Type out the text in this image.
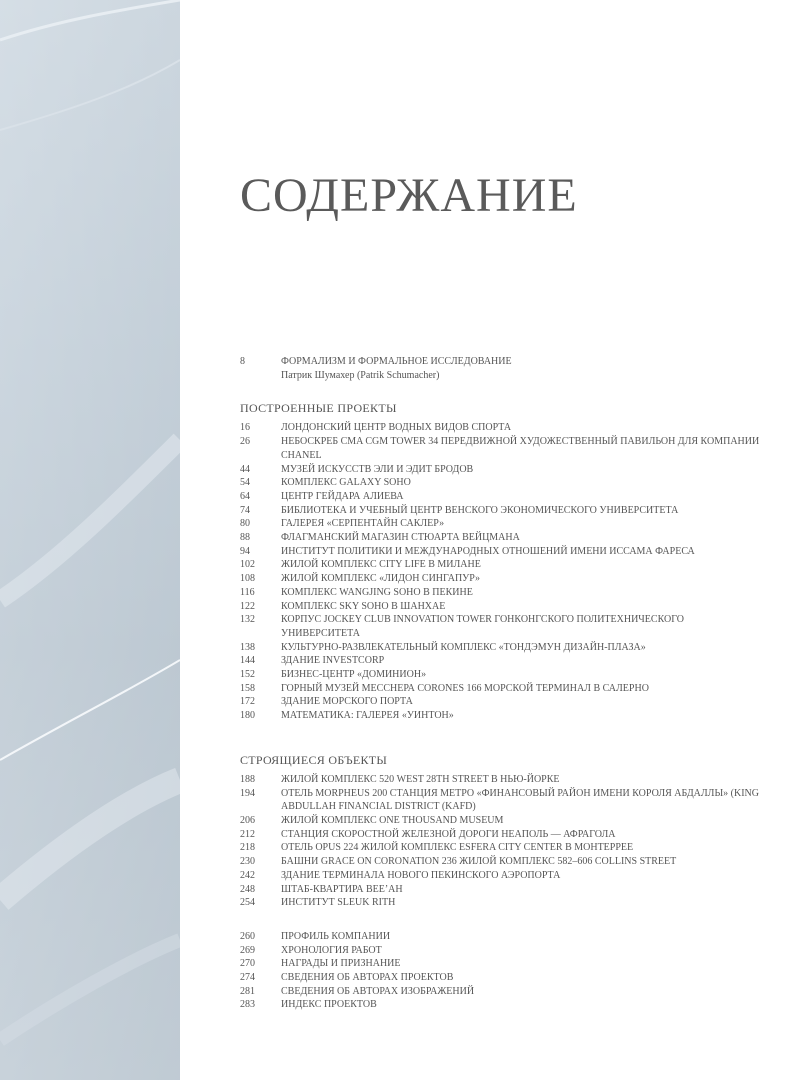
СОДЕРЖАНИЕ
8	ФОРМАЛИЗМ И ФОРМАЛЬНОЕ ИССЛЕДОВАНИЕ
Патрик Шумахер (Patrik Schumacher)
ПОСТРОЕННЫЕ ПРОЕКТЫ
16	ЛОНДОНСКИЙ ЦЕНТР ВОДНЫХ ВИДОВ СПОРТА
26	НЕБОСКРЕБ CMA CGM TOWER 34 ПЕРЕДВИЖНОЙ ХУДОЖЕСТВЕННЫЙ ПАВИЛЬОН ДЛЯ КОМПАНИИ CHANEL
44	МУЗЕЙ ИСКУССТВ ЭЛИ И ЭДИТ БРОДОВ
54	КОМПЛЕКС GALAXY SOHO
64	ЦЕНТР ГЕЙДАРА АЛИЕВА
74	БИБЛИОТЕКА И УЧЕБНЫЙ ЦЕНТР ВЕНСКОГО ЭКОНОМИЧЕСКОГО УНИВЕРСИТЕТА
80	ГАЛЕРЕЯ «СЕРПЕНТАЙН САКЛЕР»
88	ФЛАГМАНСКИЙ МАГАЗИН СТЮАРТА ВЕЙЦМАНА
94	ИНСТИТУТ ПОЛИТИКИ И МЕЖДУНАРОДНЫХ ОТНОШЕНИЙ ИМЕНИ ИССАМА ФАРЕСА
102	ЖИЛОЙ КОМПЛЕКС CITY LIFE В МИЛАНЕ
108	ЖИЛОЙ КОМПЛЕКС «ЛИДОН СИНГАПУР»
116	КОМПЛЕКС WANGJING SOHO В ПЕКИНЕ
122	КОМПЛЕКС SKY SOHO В ШАНХАЕ
132	КОРПУС JOCKEY CLUB INNOVATION TOWER ГОНКОНГСКОГО ПОЛИТЕХНИЧЕСКОГО УНИВЕРСИТЕТА
138	КУЛЬТУРНО-РАЗВЛЕКАТЕЛЬНЫЙ КОМПЛЕКС «ТОНДЭМУН ДИЗАЙН-ПЛАЗА»
144	ЗДАНИЕ INVESTCORP
152	БИЗНЕС-ЦЕНТР «ДОМИНИОН»
158	ГОРНЫЙ МУЗЕЙ МЕССНЕРА CORONES 166 МОРСКОЙ ТЕРМИНАЛ В САЛЕРНО
172	ЗДАНИЕ МОРСКОГО ПОРТА
180	МАТЕМАТИКА: ГАЛЕРЕЯ «УИНТОН»
СТРОЯЩИЕСЯ ОБЪЕКТЫ
188	ЖИЛОЙ КОМПЛЕКС 520 WEST 28TH STREET В НЬЮ-ЙОРКЕ
194	ОТЕЛЬ MORPHEUS 200 СТАНЦИЯ МЕТРО «ФИНАНСОВЫЙ РАЙОН ИМЕНИ КОРОЛЯ АБДАЛЛЫ» (KING ABDULLAH FINANCIAL DISTRICT (KAFD)
206	ЖИЛОЙ КОМПЛЕКС ONE THOUSAND MUSEUM
212	СТАНЦИЯ СКОРОСТНОЙ ЖЕЛЕЗНОЙ ДОРОГИ НЕАПОЛЬ — АФРАГОЛА
218	ОТЕЛЬ OPUS 224 ЖИЛОЙ КОМПЛЕКС ESFERA CITY CENTER В МОНТЕРРЕЕ
230	БАШНИ GRACE ON CORONATION 236 ЖИЛОЙ КОМПЛЕКС 582–606 COLLINS STREET
242	ЗДАНИЕ ТЕРМИНАЛА НОВОГО ПЕКИНСКОГО АЭРОПОРТА
248	ШТАБ-КВАРТИРА BEE’AH
254	ИНСТИТУТ SLEUK RITH
260	ПРОФИЛЬ КОМПАНИИ
269	ХРОНОЛОГИЯ РАБОТ
270	НАГРАДЫ И ПРИЗНАНИЕ
274	СВЕДЕНИЯ ОБ АВТОРАХ ПРОЕКТОВ
281	СВЕДЕНИЯ ОБ АВТОРАХ ИЗОБРАЖЕНИЙ
283	ИНДЕКС ПРОЕКТОВ
